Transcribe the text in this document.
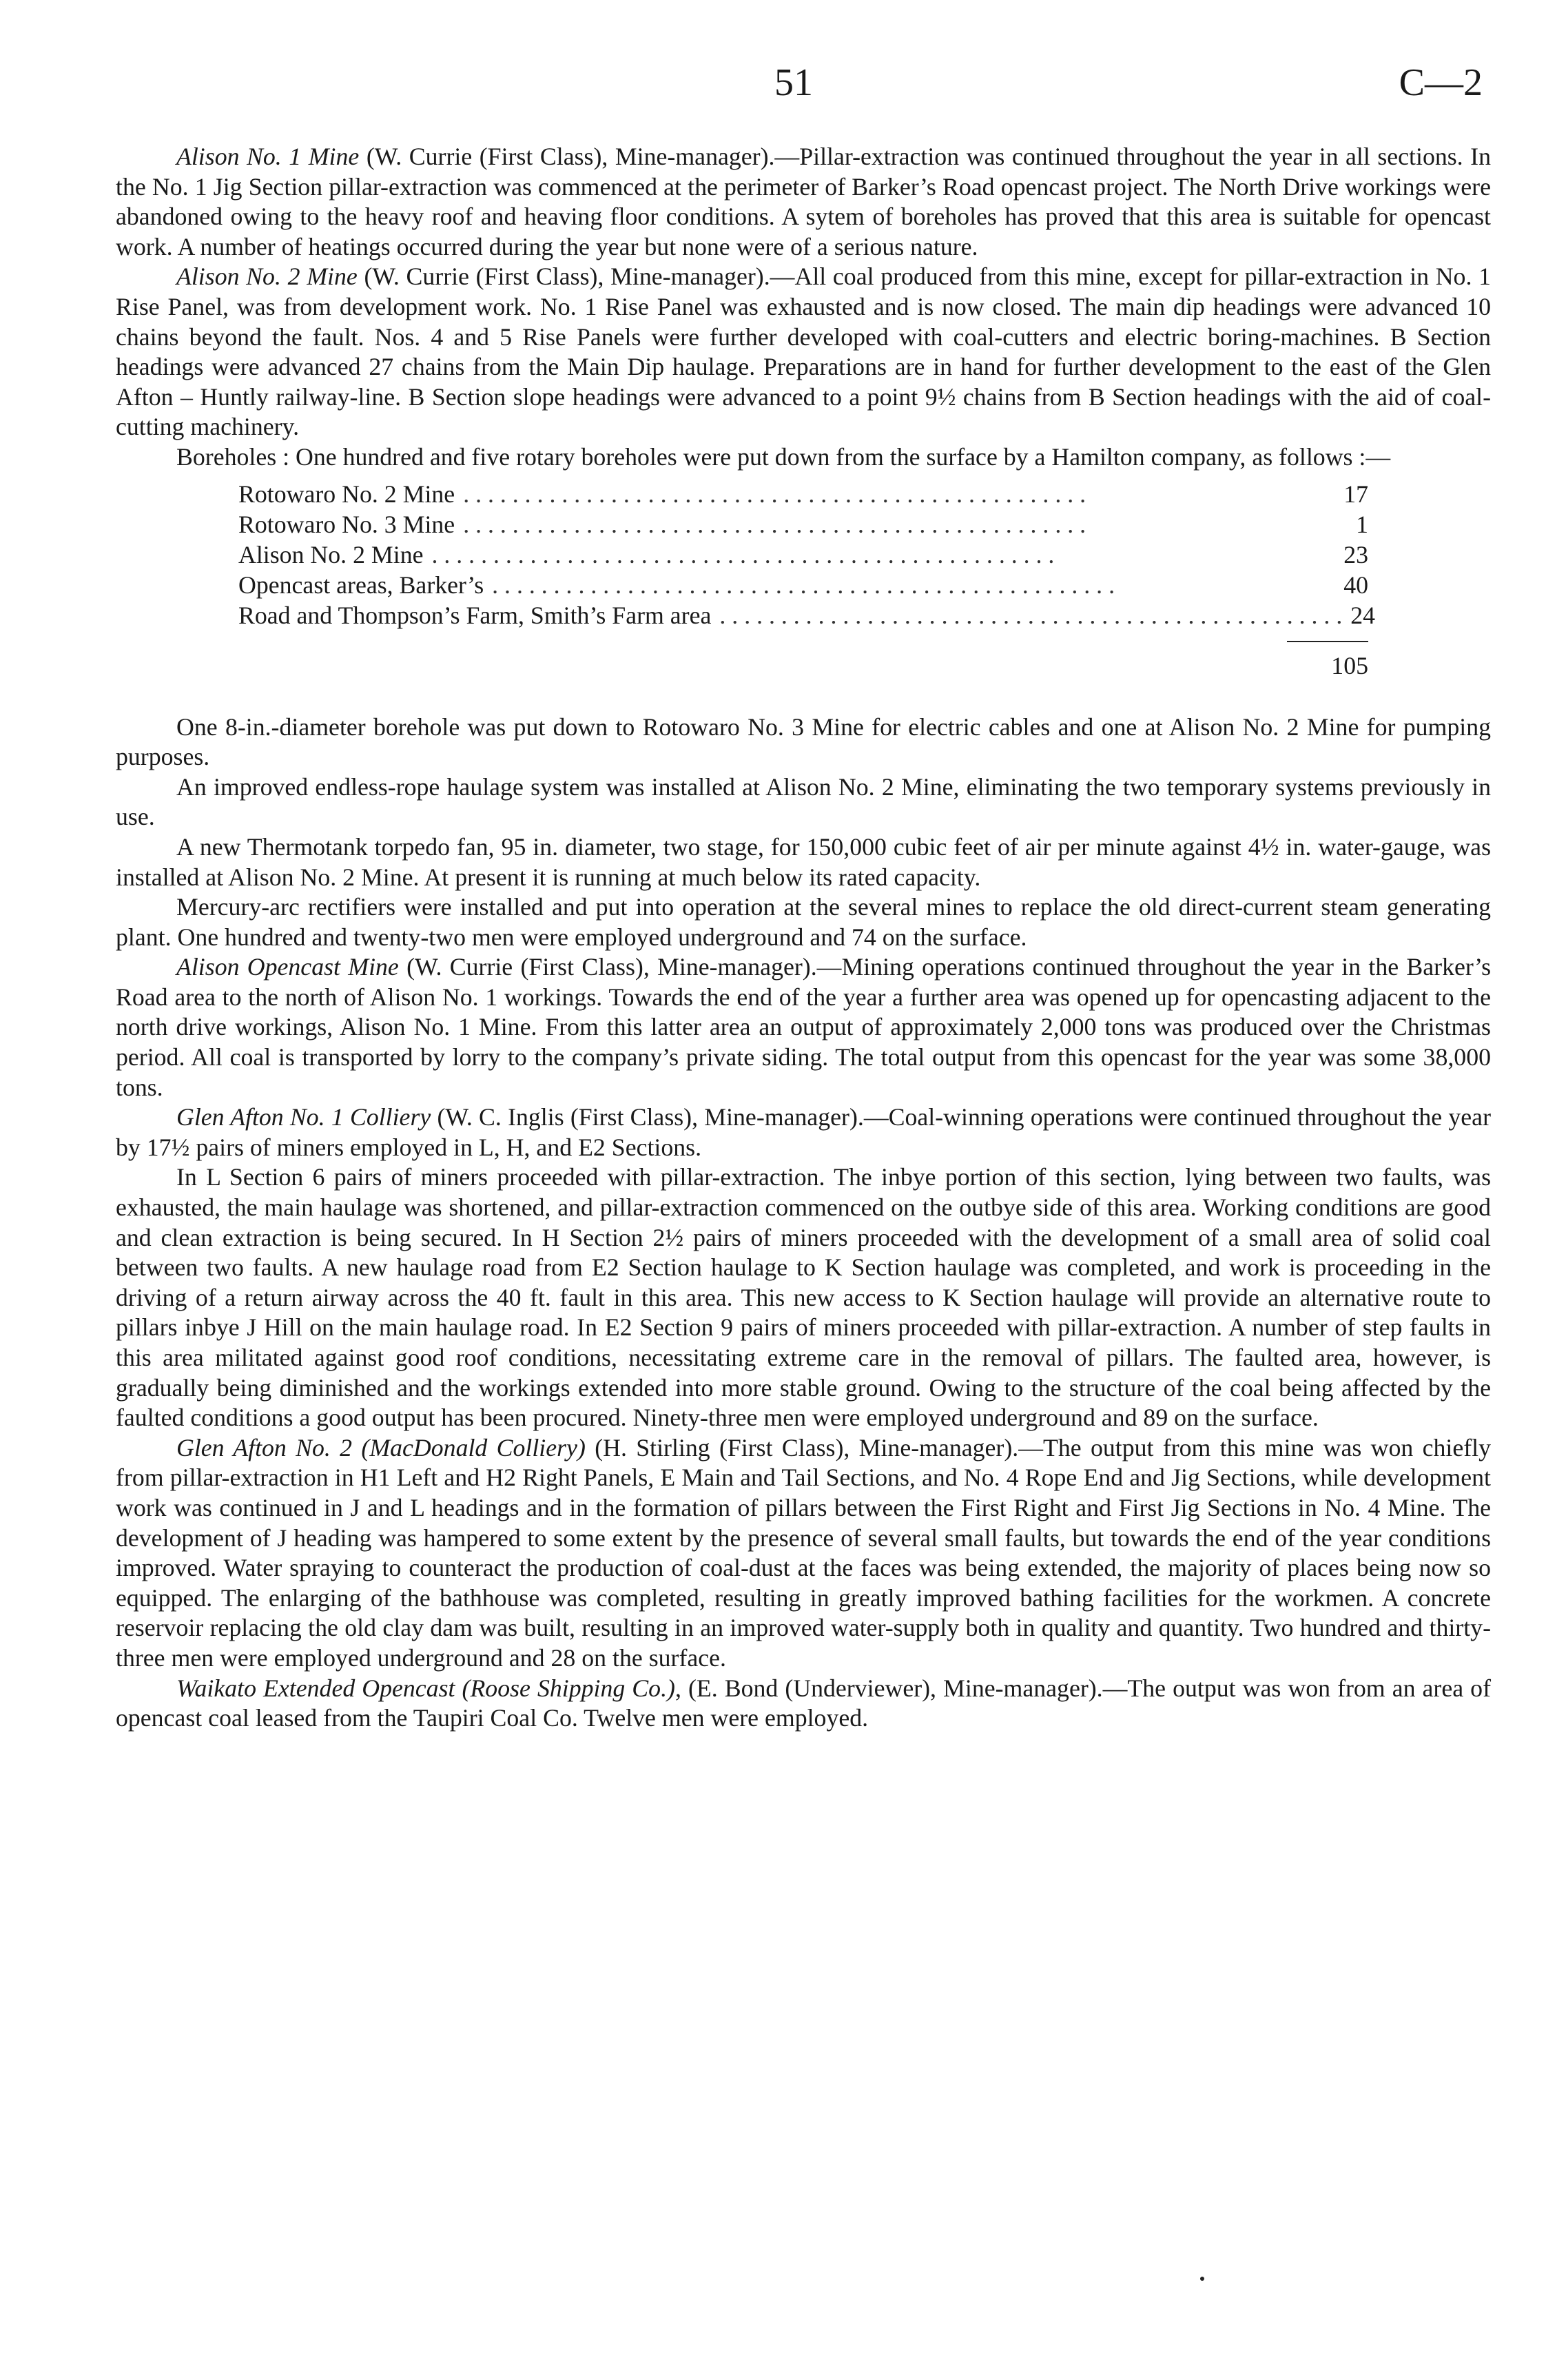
51	C—2

Alison No. 1 Mine (W. Currie (First Class), Mine-manager).—Pillar-extraction was continued throughout the year in all sections. In the No. 1 Jig Section pillar-extraction was commenced at the perimeter of Barker’s Road opencast project. The North Drive workings were abandoned owing to the heavy roof and heaving floor conditions. A sytem of boreholes has proved that this area is suitable for opencast work. A number of heatings occurred during the year but none were of a serious nature.

Alison No. 2 Mine (W. Currie (First Class), Mine-manager).—All coal produced from this mine, except for pillar-extraction in No. 1 Rise Panel, was from development work. No. 1 Rise Panel was exhausted and is now closed. The main dip headings were advanced 10 chains beyond the fault. Nos. 4 and 5 Rise Panels were further developed with coal-cutters and electric boring-machines. B Section headings were advanced 27 chains from the Main Dip haulage. Preparations are in hand for further development to the east of the Glen Afton – Huntly railway-line. B Section slope headings were advanced to a point 9½ chains from B Section headings with the aid of coal-cutting machinery.

Boreholes : One hundred and five rotary boreholes were put down from the surface by a Hamilton company, as follows :—

Rotowaro No. 2 Mine . . . . . . . . . . . . . . . . . . . . . . . . . . . . . . . . . . . . . . . . . . . . . . . . . . .	17
Rotowaro No. 3 Mine . . . . . . . . . . . . . . . . . . . . . . . . . . . . . . . . . . . . . . . . . . . . . . . . . . .	1
Alison No. 2 Mine . . . . . . . . . . . . . . . . . . . . . . . . . . . . . . . . . . . . . . . . . . . . . . . . . . .	23
Opencast areas, Barker’s . . . . . . . . . . . . . . . . . . . . . . . . . . . . . . . . . . . . . . . . . . . . . . . . . . .	40
Road and Thompson’s Farm, Smith’s Farm area . . . . . . . . . . . . . . . . . . . . . . . . . . . . . . . . . . . . . . . . . . . . . . . . . . . 24
105

One 8-in.-diameter borehole was put down to Rotowaro No. 3 Mine for electric cables and one at Alison No. 2 Mine for pumping purposes.

An improved endless-rope haulage system was installed at Alison No. 2 Mine, eliminating the two temporary systems previously in use.

A new Thermotank torpedo fan, 95 in. diameter, two stage, for 150,000 cubic feet of air per minute against 4½ in. water-gauge, was installed at Alison No. 2 Mine. At present it is running at much below its rated capacity.

Mercury-arc rectifiers were installed and put into operation at the several mines to replace the old direct-current steam generating plant. One hundred and twenty-two men were employed underground and 74 on the surface.

Alison Opencast Mine (W. Currie (First Class), Mine-manager).—Mining operations continued throughout the year in the Barker’s Road area to the north of Alison No. 1 workings. Towards the end of the year a further area was opened up for opencasting adjacent to the north drive workings, Alison No. 1 Mine. From this latter area an output of approximately 2,000 tons was produced over the Christmas period. All coal is transported by lorry to the company’s private siding. The total output from this opencast for the year was some 38,000 tons.

Glen Afton No. 1 Colliery (W. C. Inglis (First Class), Mine-manager).—Coal-winning operations were continued throughout the year by 17½ pairs of miners employed in L, H, and E2 Sections.

In L Section 6 pairs of miners proceeded with pillar-extraction. The inbye portion of this section, lying between two faults, was exhausted, the main haulage was shortened, and pillar-extraction commenced on the outbye side of this area. Working conditions are good and clean extraction is being secured. In H Section 2½ pairs of miners proceeded with the development of a small area of solid coal between two faults. A new haulage road from E2 Section haulage to K Section haulage was completed, and work is proceeding in the driving of a return airway across the 40 ft. fault in this area. This new access to K Section haulage will provide an alternative route to pillars inbye J Hill on the main haulage road. In E2 Section 9 pairs of miners proceeded with pillar-extraction. A number of step faults in this area militated against good roof conditions, necessitating extreme care in the removal of pillars. The faulted area, however, is gradually being diminished and the workings extended into more stable ground. Owing to the structure of the coal being affected by the faulted conditions a good output has been procured. Ninety-three men were employed underground and 89 on the surface.

Glen Afton No. 2 (MacDonald Colliery) (H. Stirling (First Class), Mine-manager).—The output from this mine was won chiefly from pillar-extraction in H1 Left and H2 Right Panels, E Main and Tail Sections, and No. 4 Rope End and Jig Sections, while development work was continued in J and L headings and in the formation of pillars between the First Right and First Jig Sections in No. 4 Mine. The development of J heading was hampered to some extent by the presence of several small faults, but towards the end of the year conditions improved. Water spraying to counteract the production of coal-dust at the faces was being extended, the majority of places being now so equipped. The enlarging of the bathhouse was completed, resulting in greatly improved bathing facilities for the workmen. A concrete reservoir replacing the old clay dam was built, resulting in an improved water-supply both in quality and quantity. Two hundred and thirty-three men were employed underground and 28 on the surface.

Waikato Extended Opencast (Roose Shipping Co.), (E. Bond (Underviewer), Mine-manager).—The output was won from an area of opencast coal leased from the Taupiri Coal Co. Twelve men were employed.
